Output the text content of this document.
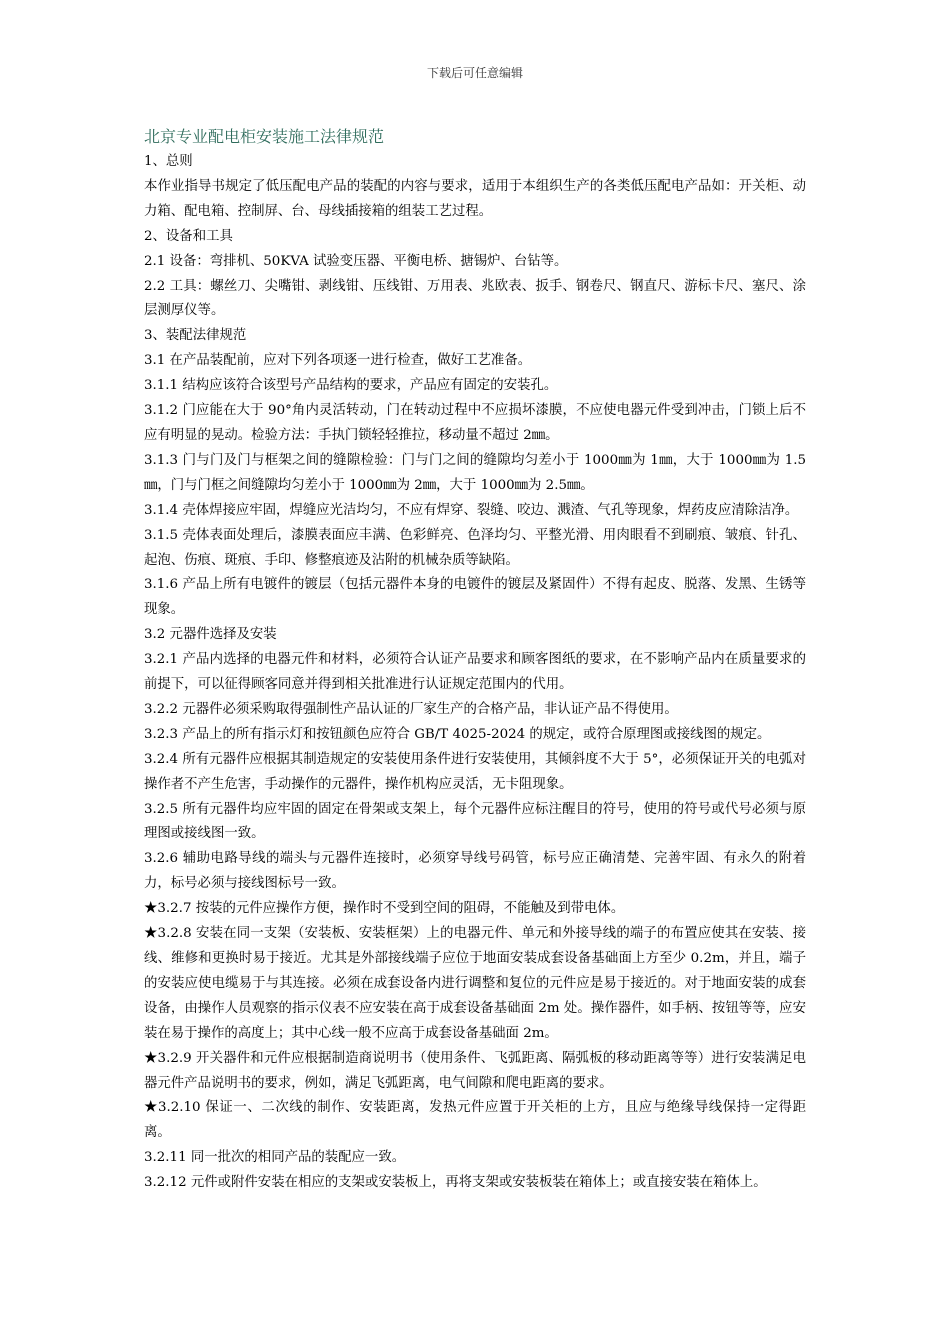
下载后可任意编辑
北京专业配电柜安装施工法律规范

1、总则

本作业指导书规定了低压配电产品的装配的内容与要求，适用于本组织生产的各类低压配电产品如：开关柜、动力箱、配电箱、控制屏、台、母线插接箱的组装工艺过程。

2、设备和工具

2.1 设备：弯排机、50KVA 试验变压器、平衡电桥、搪锡炉、台钻等。

2.2 工具：螺丝刀、尖嘴钳、剥线钳、压线钳、万用表、兆欧表、扳手、钢卷尺、钢直尺、游标卡尺、塞尺、涂层测厚仪等。

3、装配法律规范

3.1 在产品装配前，应对下列各项逐一进行检查，做好工艺准备。

3.1.1 结构应该符合该型号产品结构的要求，产品应有固定的安装孔。

3.1.2 门应能在大于 90°角内灵活转动，门在转动过程中不应损坏漆膜，不应使电器元件受到冲击，门锁上后不应有明显的晃动。检验方法：手执门锁轻轻推拉，移动量不超过 2㎜。

3.1.3 门与门及门与框架之间的缝隙检验：门与门之间的缝隙均匀差小于 1000㎜为 1㎜，大于 1000㎜为 1.5㎜，门与门框之间缝隙均匀差小于 1000㎜为 2㎜，大于 1000㎜为 2.5㎜。

3.1.4 壳体焊接应牢固，焊缝应光洁均匀，不应有焊穿、裂缝、咬边、溅渣、气孔等现象，焊药皮应清除洁净。

3.1.5 壳体表面处理后，漆膜表面应丰满、色彩鲜亮、色泽均匀、平整光滑、用肉眼看不到刷痕、皱痕、针孔、起泡、伤痕、斑痕、手印、修整痕迹及沾附的机械杂质等缺陷。

3.1.6 产品上所有电镀件的镀层（包括元器件本身的电镀件的镀层及紧固件）不得有起皮、脱落、发黑、生锈等现象。

3.2 元器件选择及安装

3.2.1 产品内选择的电器元件和材料，必须符合认证产品要求和顾客图纸的要求，在不影响产品内在质量要求的前提下，可以征得顾客同意并得到相关批准进行认证规定范围内的代用。

3.2.2 元器件必须采购取得强制性产品认证的厂家生产的合格产品，非认证产品不得使用。

3.2.3 产品上的所有指示灯和按钮颜色应符合 GB/T 4025-2024 的规定，或符合原理图或接线图的规定。

3.2.4 所有元器件应根据其制造规定的安装使用条件进行安装使用，其倾斜度不大于 5°，必须保证开关的电弧对操作者不产生危害，手动操作的元器件，操作机构应灵活，无卡阻现象。

3.2.5 所有元器件均应牢固的固定在骨架或支架上，每个元器件应标注醒目的符号，使用的符号或代号必须与原理图或接线图一致。

3.2.6 辅助电路导线的端头与元器件连接时，必须穿导线号码管，标号应正确清楚、完善牢固、有永久的附着力，标号必须与接线图标号一致。

★3.2.7 按装的元件应操作方便，操作时不受到空间的阻碍，不能触及到带电体。

★3.2.8 安装在同一支架（安装板、安装框架）上的电器元件、单元和外接导线的端子的布置应使其在安装、接线、维修和更换时易于接近。尤其是外部接线端子应位于地面安装成套设备基础面上方至少 0.2m，并且，端子的安装应使电缆易于与其连接。必须在成套设备内进行调整和复位的元件应是易于接近的。对于地面安装的成套设备，由操作人员观察的指示仪表不应安装在高于成套设备基础面 2m 处。操作器件，如手柄、按钮等等，应安装在易于操作的高度上；其中心线一般不应高于成套设备基础面 2m。

★3.2.9 开关器件和元件应根据制造商说明书（使用条件、飞弧距离、隔弧板的移动距离等等）进行安装满足电器元件产品说明书的要求，例如，满足飞弧距离，电气间隙和爬电距离的要求。

★3.2.10 保证一、二次线的制作、安装距离，发热元件应置于开关柜的上方，且应与绝缘导线保持一定得距离。

3.2.11 同一批次的相同产品的装配应一致。

3.2.12 元件或附件安装在相应的支架或安装板上，再将支架或安装板装在箱体上；或直接安装在箱体上。
